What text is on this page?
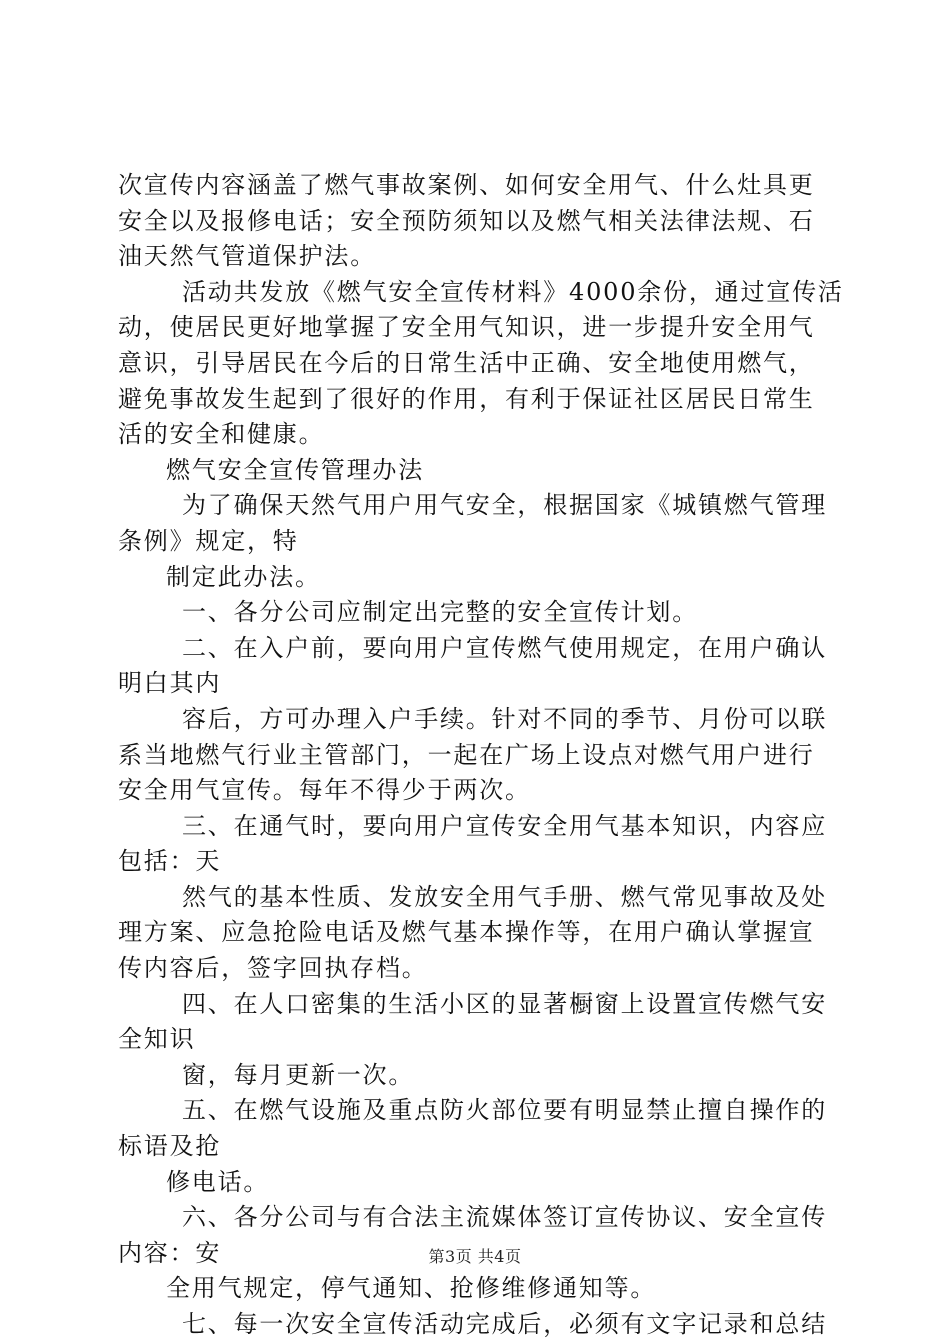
次宣传内容涵盖了燃气事故案例、如何安全用气、什么灶具更
安全以及报修电话；安全预防须知以及燃气相关法律法规、石
油天然气管道保护法。
活动共发放《燃气安全宣传材料》4000余份，通过宣传活
动，使居民更好地掌握了安全用气知识，进一步提升安全用气
意识，引导居民在今后的日常生活中正确、安全地使用燃气，
避免事故发生起到了很好的作用，有利于保证社区居民日常生
活的安全和健康。
燃气安全宣传管理办法
为了确保天然气用户用气安全，根据国家《城镇燃气管理
条例》规定，特
制定此办法。
一、各分公司应制定出完整的安全宣传计划。
二、在入户前，要向用户宣传燃气使用规定，在用户确认
明白其内
容后，方可办理入户手续。针对不同的季节、月份可以联
系当地燃气行业主管部门，一起在广场上设点对燃气用户进行
安全用气宣传。每年不得少于两次。
三、在通气时，要向用户宣传安全用气基本知识，内容应
包括：天
然气的基本性质、发放安全用气手册、燃气常见事故及处
理方案、应急抢险电话及燃气基本操作等，在用户确认掌握宣
传内容后，签字回执存档。
四、在人口密集的生活小区的显著橱窗上设置宣传燃气安
全知识
窗，每月更新一次。
五、在燃气设施及重点防火部位要有明显禁止擅自操作的
标语及抢
修电话。
六、各分公司与有合法主流媒体签订宣传协议、安全宣传
内容：安
全用气规定，停气通知、抢修维修通知等。
七、每一次安全宣传活动完成后，必须有文字记录和总结
第3页 共4页
